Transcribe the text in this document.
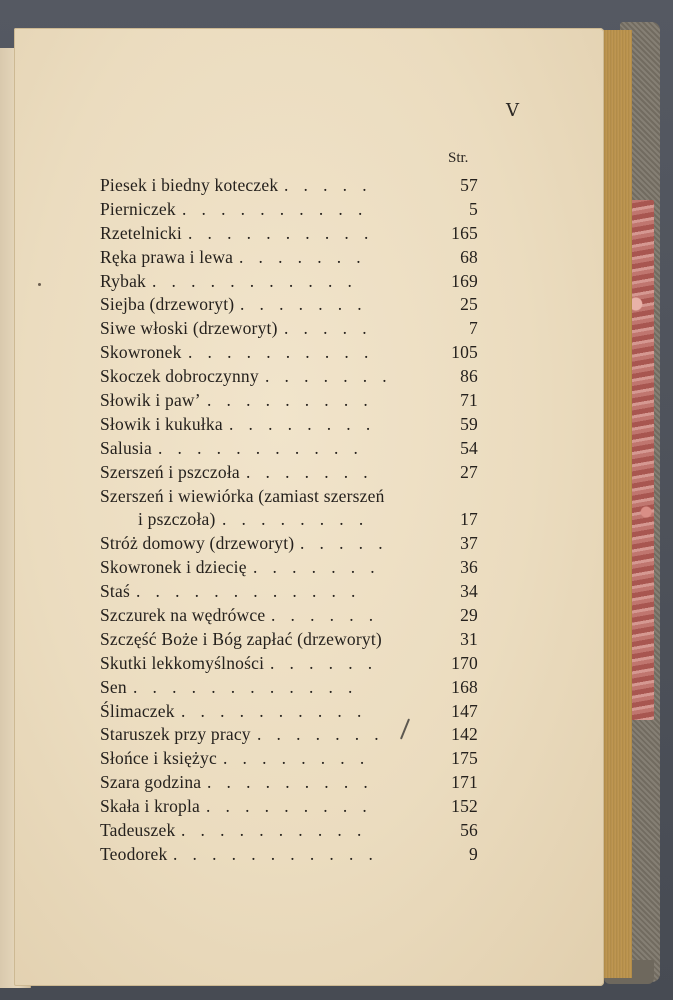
V
Str.
Piesek i biedny koteczek . . . . .	57
Pierniczek . . . . . . . . . .	5
Rzetelnicki . . . . . . . . . .	165
Ręka prawa i lewa . . . . . . .	68
Rybak . . . . . . . . . . .	169
Siejba (drzeworyt) . . . . . . .	25
Siwe włoski (drzeworyt) . . . . .	7
Skowronek . . . . . . . . . .	105
Skoczek dobroczynny . . . . . . .	86
Słowik i paw’ . . . . . . . . .	71
Słowik i kukułka . . . . . . . .	59
Salusia . . . . . . . . . . .	54
Szerszeń i pszczoła . . . . . . .	27
Szerszeń i wiewiórka (zamiast szerszeń
i pszczoła) . . . . . . . .	17
Stróż domowy (drzeworyt) . . . . .	37
Skowronek i dziecię . . . . . . .	36
Staś . . . . . . . . . . . .	34
Szczurek na wędrówce . . . . . .	29
Szczęść Boże i Bóg zapłać (drzeworyt)	31
Skutki lekkomyślności . . . . . .	170
Sen . . . . . . . . . . . .	168
Ślimaczek . . . . . . . . . .	147
Staruszek przy pracy . . . . . . .	142
Słońce i księżyc . . . . . . . .	175
Szara godzina . . . . . . . . .	171
Skała i kropla . . . . . . . . .	152
Tadeuszek . . . . . . . . . .	56
Teodorek . . . . . . . . . . .	9
